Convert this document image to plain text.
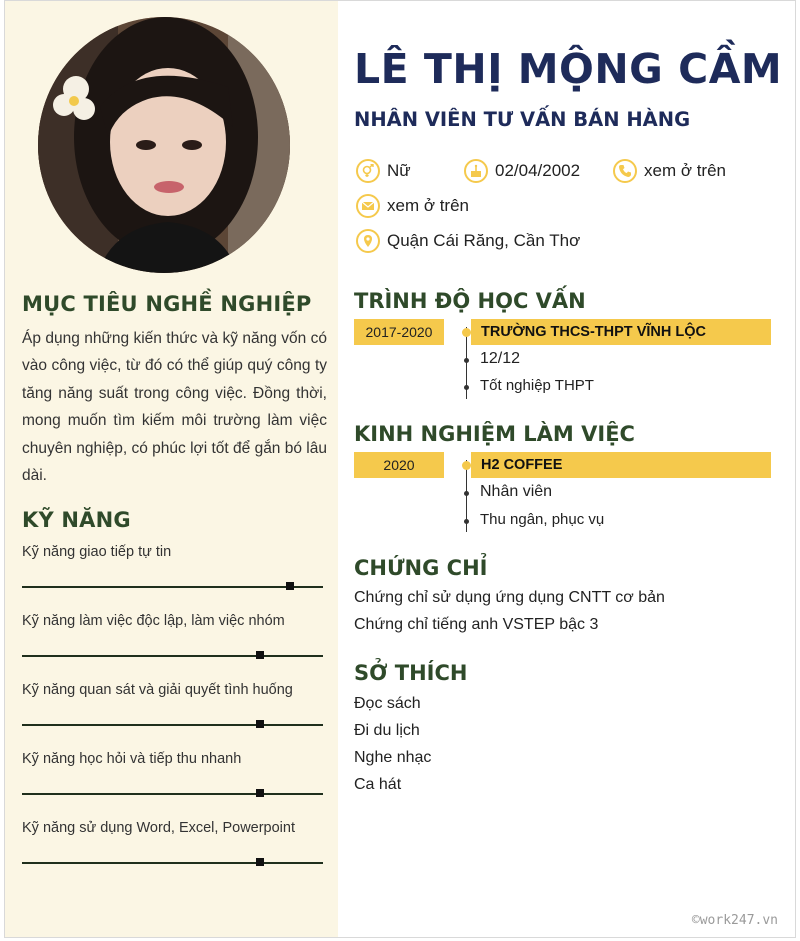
MỤC TIÊU NGHỀ NGHIỆP

Áp dụng những kiến thức và kỹ năng vốn có vào công việc, từ đó có thể giúp quý công ty tăng năng suất trong công việc. Đồng thời, mong muốn tìm kiếm môi trường làm việc chuyên nghiệp, có phúc lợi tốt để gắn bó lâu dài.

KỸ NĂNG
Kỹ năng giao tiếp tự tin
Kỹ năng làm việc độc lập, làm việc nhóm
Kỹ năng quan sát và giải quyết tình huống
Kỹ năng học hỏi và tiếp thu nhanh
Kỹ năng sử dụng Word, Excel, Powerpoint
LÊ THỊ MỘNG CẦM
NHÂN VIÊN TƯ VẤN BÁN HÀNG
Nữ	02/04/2002	xem ở trên
xem ở trên
Quận Cái Răng, Cần Thơ
TRÌNH ĐỘ HỌC VẤN
2017-2020	TRƯỜNG THCS-THPT VĨNH LỘC
12/12
Tốt nghiệp THPT
KINH NGHIỆM LÀM VIỆC
2020	H2 COFFEE
Nhân viên
Thu ngân, phục vụ
CHỨNG CHỈ
Chứng chỉ sử dụng ứng dụng CNTT cơ bản
Chứng chỉ tiếng anh VSTEP bậc 3
SỞ THÍCH
Đọc sách
Đi du lịch
Nghe nhạc
Ca hát
©work247.vn
